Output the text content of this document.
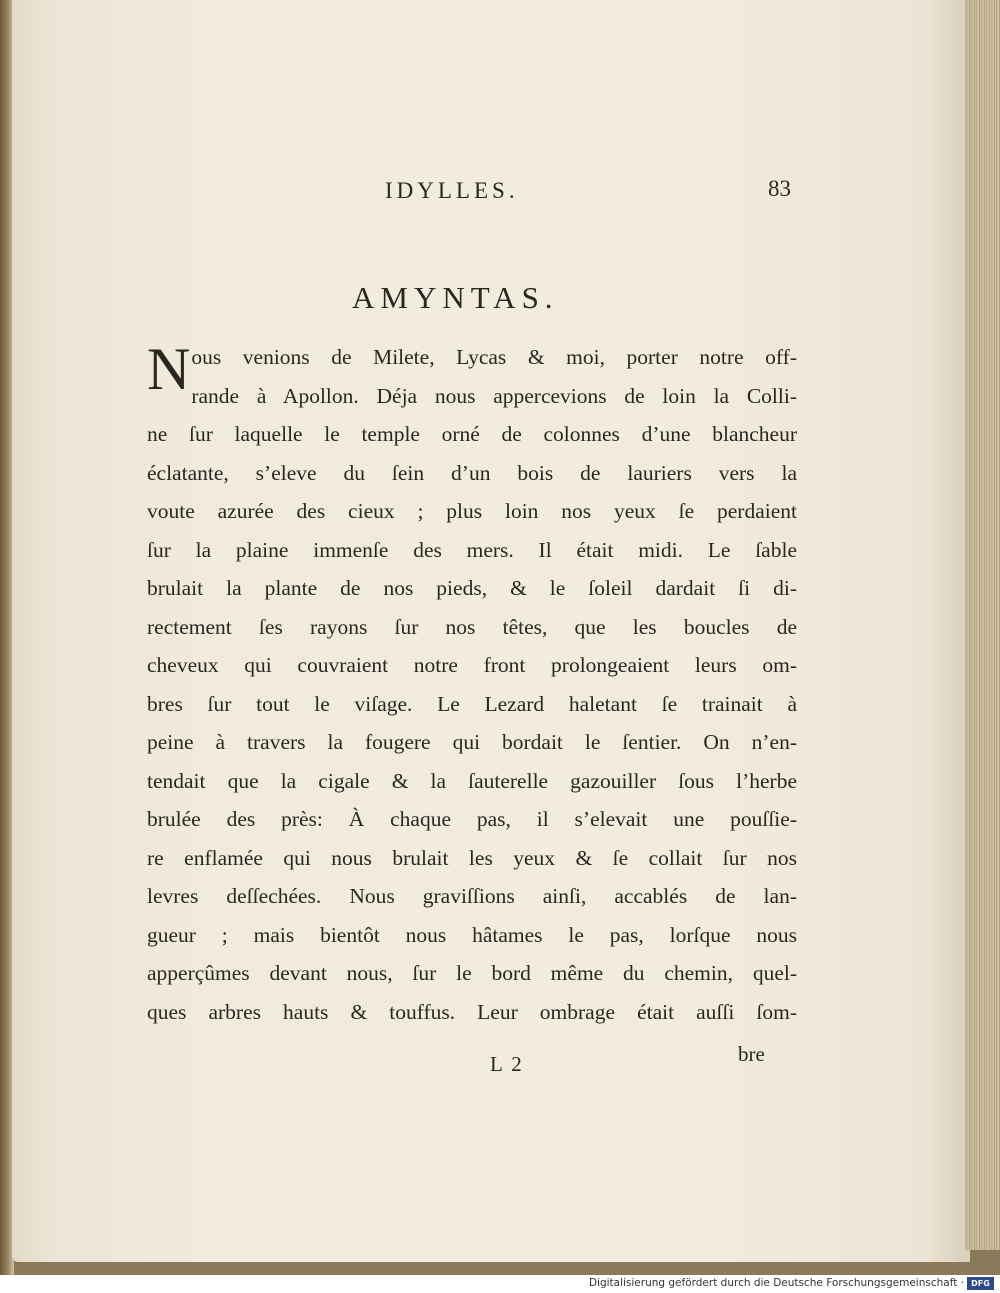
IDYLLES.	83
AMYNTAS.
Nous venions de Milete, Lycas & moi, porter notre off-
rande à Apollon. Déja nous appercevions de loin la Colli-
ne ſur laquelle le temple orné de colonnes d’une blancheur
éclatante, s’eleve du ſein d’un bois de lauriers vers la
voute azurée des cieux ; plus loin nos yeux ſe perdaient
ſur la plaine immenſe des mers. Il était midi. Le ſable
brulait la plante de nos pieds, & le ſoleil dardait ſi di-
rectement ſes rayons ſur nos têtes, que les boucles de
cheveux qui couvraient notre front prolongeaient leurs om-
bres ſur tout le viſage. Le Lezard haletant ſe trainait à
peine à travers la fougere qui bordait le ſentier. On n’en-
tendait que la cigale & la ſauterelle gazouiller ſous l’herbe
brulée des près: À chaque pas, il s’elevait une pouſſie-
re enflamée qui nous brulait les yeux & ſe collait ſur nos
levres deſſechées. Nous graviſſions ainſi, accablés de lan-
gueur ; mais bientôt nous hâtames le pas, lorſque nous
apperçûmes devant nous, ſur le bord même du chemin, quel-
ques arbres hauts & touffus. Leur ombrage était auſſi ſom-
L 2	bre
Digitalisierung gefördert durch die Deutsche Forschungsgemeinschaft · DFG
